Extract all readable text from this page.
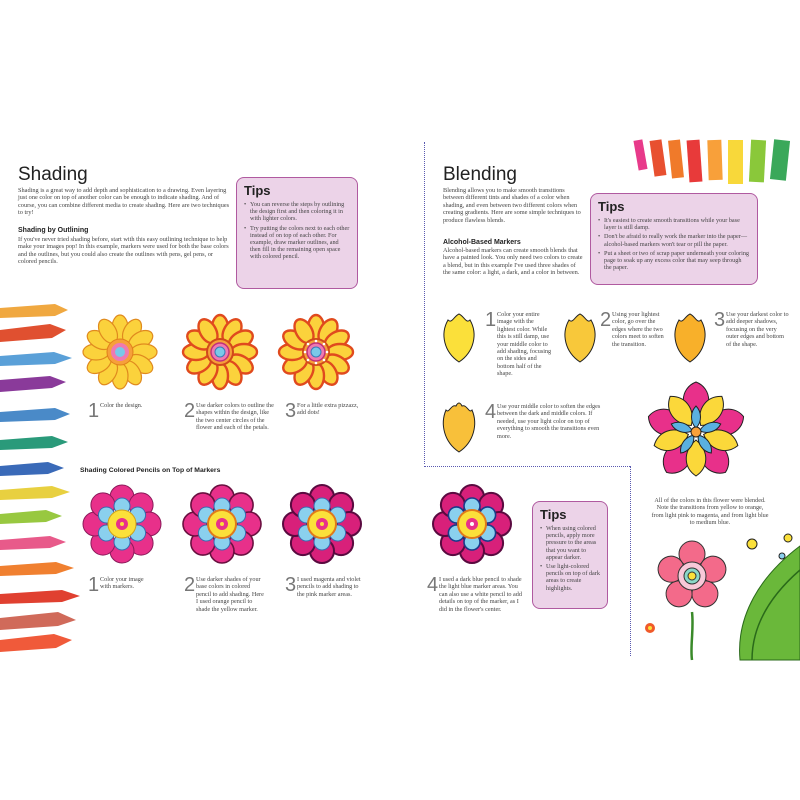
Shading
Shading is a great way to add depth and sophistication to a drawing. Even layering just one color on top of another color can be enough to indicate shading. And of course, you can combine different media to create shading. Here are two techniques to try!
Shading by Outlining
If you've never tried shading before, start with this easy outlining technique to help make your images pop! In this example, markers were used for both the base colors and the outlines, but you could also create the outlines with pens, gel pens, or colored pencils.
Tips
• You can reverse the steps by outlining the design first and then coloring it in with lighter colors.
• Try putting the colors next to each other instead of on top of each other. For example, draw marker outlines, and then fill in the remaining open space with colored pencil.
1 Color the design.	2 Use darker colors to outline the shapes within the design, like the two center circles of the flower and each of the petals.
3 For a little extra pizzazz, add dots!
Shading Colored Pencils on Top of Markers
1 Color your image with markers.	2 Use darker shades of your base colors in colored pencil to add shading. Here I used orange pencil to shade the yellow marker.
3 I used magenta and violet pencils to add shading to the pink marker areas.
Blending
Blending allows you to make smooth transitions between different tints and shades of a color when shading, and even between two different colors when creating gradients. Here are some simple techniques to produce flawless blends.
Alcohol-Based Markers
Alcohol-based markers can create smooth blends that have a painted look. You only need two colors to create a blend, but in this example I've used three shades of the same color: a light, a dark, and a color in between.
Tips
• It's easiest to create smooth transitions while your base layer is still damp.
• Don't be afraid to really work the marker into the paper—alcohol-based markers won't tear or pill the paper.
• Put a sheet or two of scrap paper underneath your coloring page to soak up any excess color that may seep through the paper.
1 Color your entire image with the lightest color. While this is still damp, use your middle color to add shading, focusing on the sides and bottom half of the shape.
2 Using your lightest color, go over the edges where the two colors meet to soften the transition.
3 Use your darkest color to add deeper shadows, focusing on the very outer edges and bottom of the shape.
4 Use your middle color to soften the edges between the dark and middle colors. If needed, use your light color on top of everything to smooth the transitions even more.
All of the colors in this flower were blended. Note the transitions from yellow to orange, from light pink to magenta, and from light blue to medium blue.
4 I used a dark blue pencil to shade the light blue marker areas. You can also use a white pencil to add details on top of the marker, as I did in the flower's center.
Tips
• When using colored pencils, apply more pressure to the areas that you want to appear darker.
• Use light-colored pencils on top of dark areas to create highlights.
